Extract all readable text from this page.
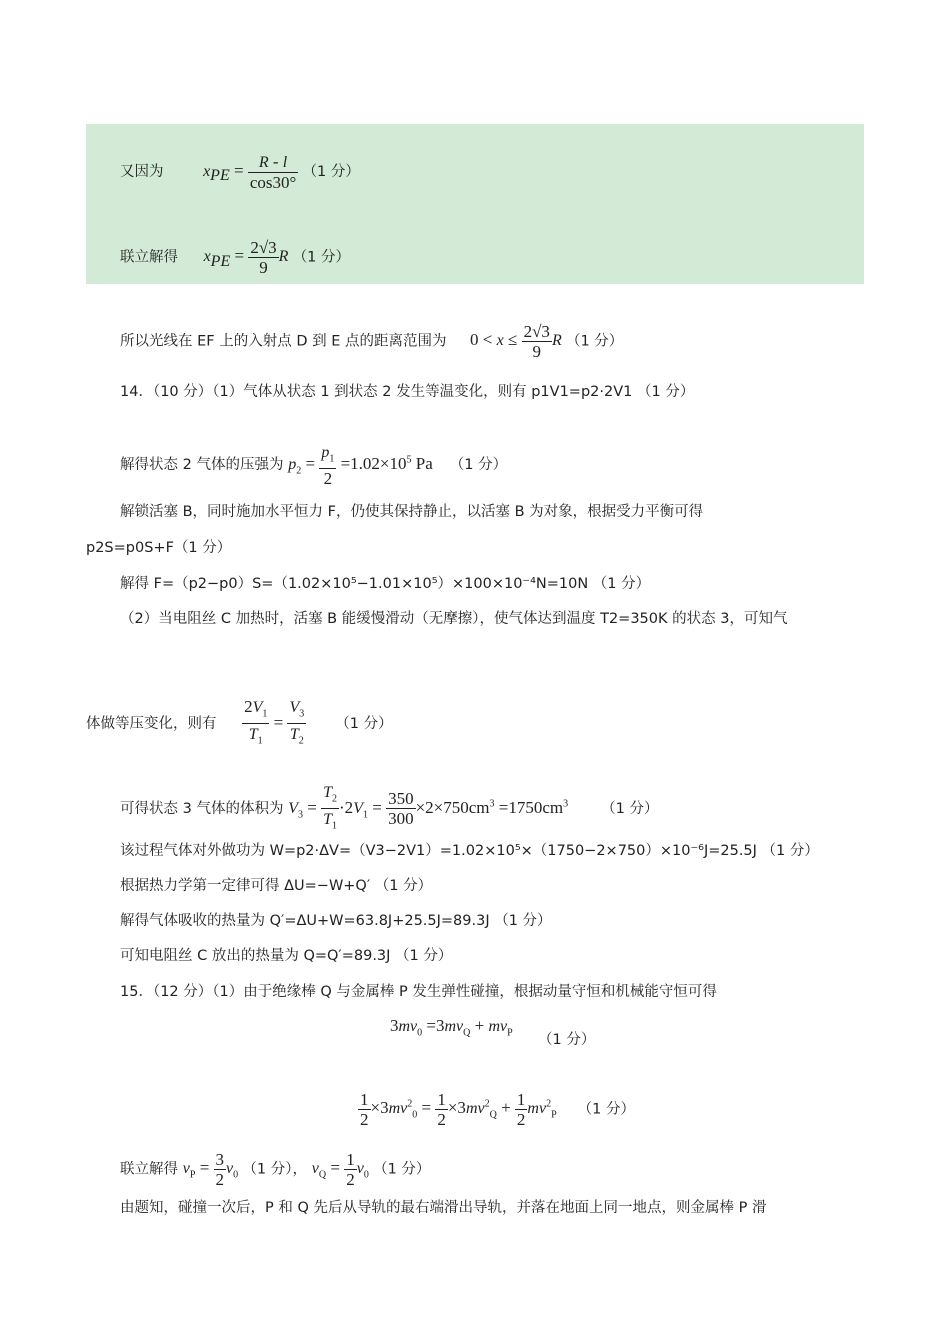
又因为 $x_{PE} = \frac{R - l}{\cos 30^\circ} (1$ 分）
联立解得 $x_{PE} = \frac{2√3}{9}$ R （1 分）
所以光线在 EF 上的入射点 D 到 E 点的距离范围为  $0 < x \le \frac{2√3}{9}$ R （1 分）
14．（10 分）（1）气体从状态 1 到状态 2 发生等温变化，则有 p1V1=p2·2V1 （1 分）
解得状态 2 气体的压强为 $p_2 = \frac{p_1}{2} =1.02\times 10^5$ Pa  （1 分）
解锁活塞 B，同时施加水平恒力 F，仍使其保持静止，以活塞 B 为对象，根据受力平衡可得
p2S=p0S+F（1 分）
解得 F=（p2−p0）S=（1.02×10⁵−1.01×10⁵）×100×10⁻⁴N=10N （1 分）
（2）当电阻丝 C 加热时，活塞 B 能缓慢滑动（无摩擦），使气体达到温度 T2=350K 的状态 3，可知气
体做等压变化，则有 $\frac{2V_1}{T_1} = \frac{V_3}{T_2} (1$ 分）
可得状态 3 气体的体积为 $V_3 = \frac{T_2}{T_1} \cdot 2V_1 = \frac{350}{300} \times 2\times 750cm^3 =1750cm^3$ （1 分）
该过程气体对外做功为 W=p2·ΔV=（V3−2V1）=1.02×10⁵×（1750−2×750）×10⁻⁶J=25.5J （1 分）
根据热力学第一定律可得 ΔU=−W+Q′ （1 分）
解得气体吸收的热量为 Q′=ΔU+W=63.8J+25.5J=89.3J （1 分）
可知电阻丝 C 放出的热量为 Q=Q′=89.3J （1 分）
15．（12 分）（1）由于绝缘棒 Q 与金属棒 P 发生弹性碰撞，根据动量守恒和机械能守恒可得
$3mv_0 =3mv_Q + mv_P$ （1 分）
$\frac{1}{2} \times 3mv^2_0 = \frac{1}{2} \times 3mv^2_Q + \frac{1}{2} mv^2_P$ （1 分）
联立解得 $v_P = \frac{3}{2} v_0$ （1 分）， $v_Q = \frac{1}{2} v_0$ （1 分）
由题知，碰撞一次后，P 和 Q 先后从导轨的最右端滑出导轨，并落在地面上同一地点，则金属棒 P 滑
